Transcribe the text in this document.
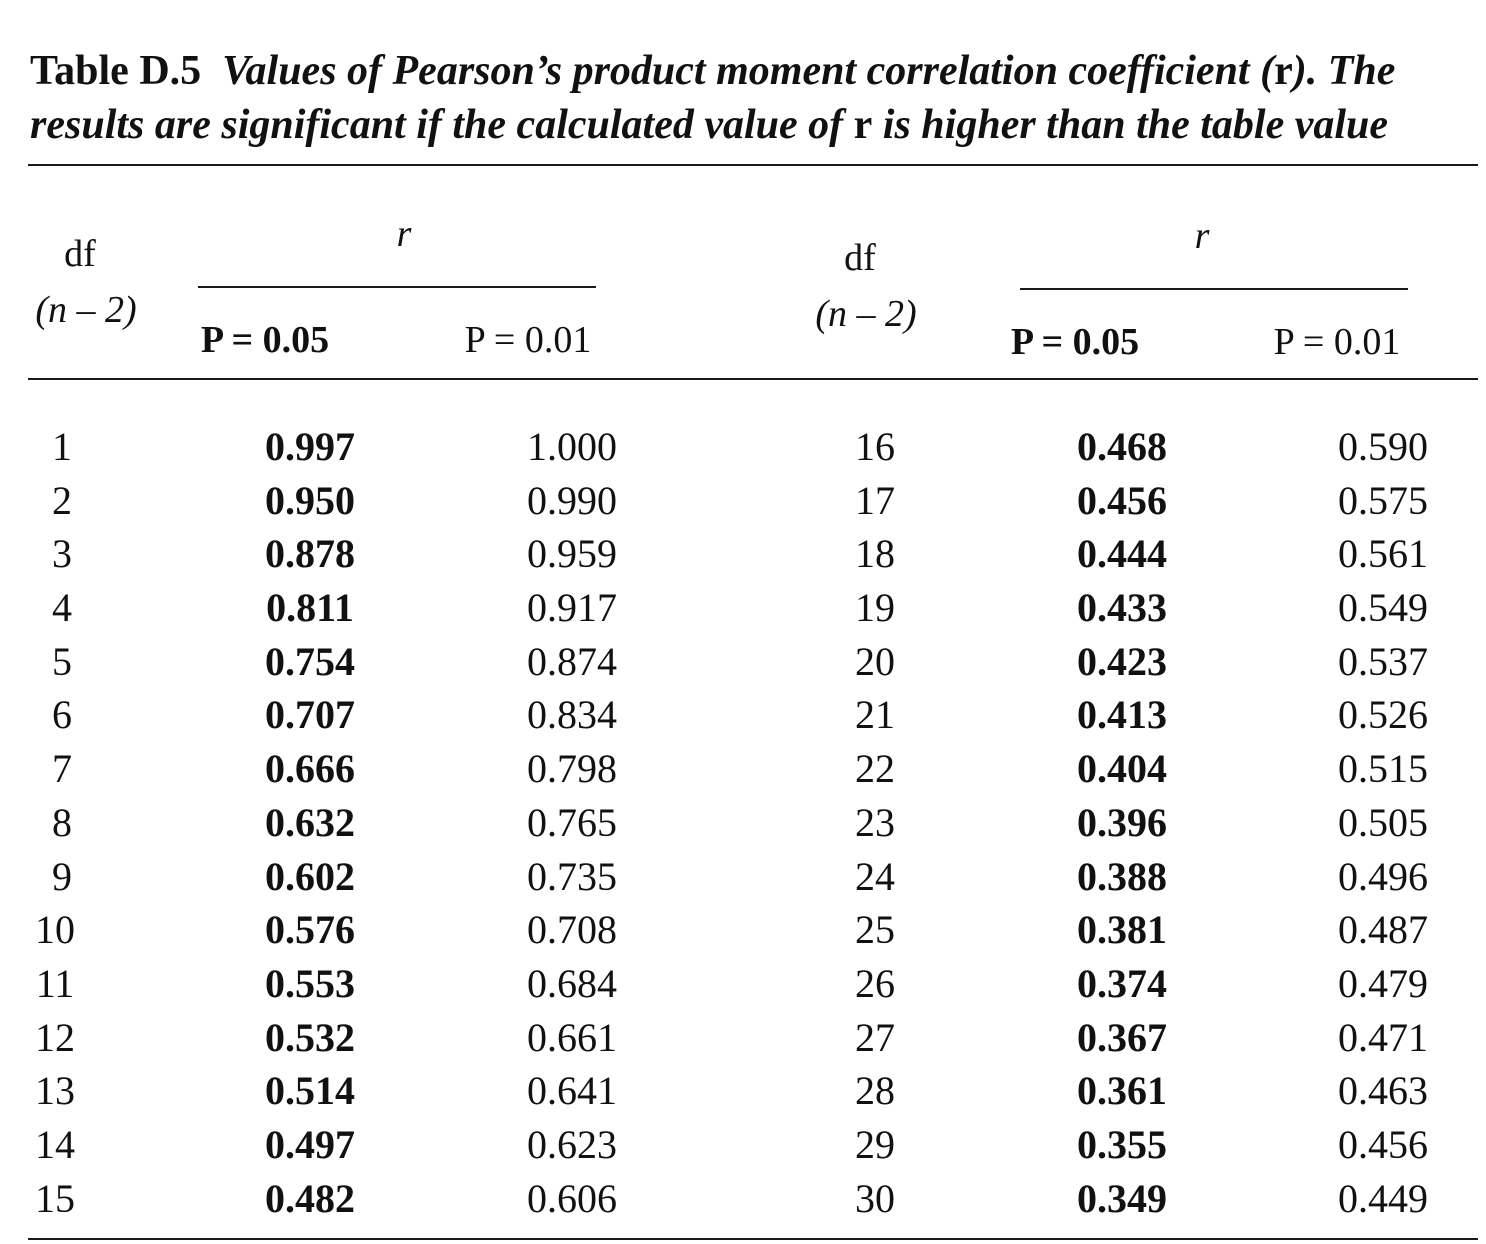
Table D.5 Values of Pearson’s product moment correlation coefficient (r). The
results are significant if the calculated value of r is higher than the table value
df
(n – 2)
r
P = 0.05	P = 0.01
df
(n – 2)
r
P = 0.05	P = 0.01
1	0.997	1.000	16	0.468	0.590
2	0.950	0.990	17	0.456	0.575
3	0.878	0.959	18	0.444	0.561
4	0.811	0.917	19	0.433	0.549
5	0.754	0.874	20	0.423	0.537
6	0.707	0.834	21	0.413	0.526
7	0.666	0.798	22	0.404	0.515
8	0.632	0.765	23	0.396	0.505
9	0.602	0.735	24	0.388	0.496
10	0.576	0.708	25	0.381	0.487
11	0.553	0.684	26	0.374	0.479
12	0.532	0.661	27	0.367	0.471
13	0.514	0.641	28	0.361	0.463
14	0.497	0.623	29	0.355	0.456
15	0.482	0.606	30	0.349	0.449
